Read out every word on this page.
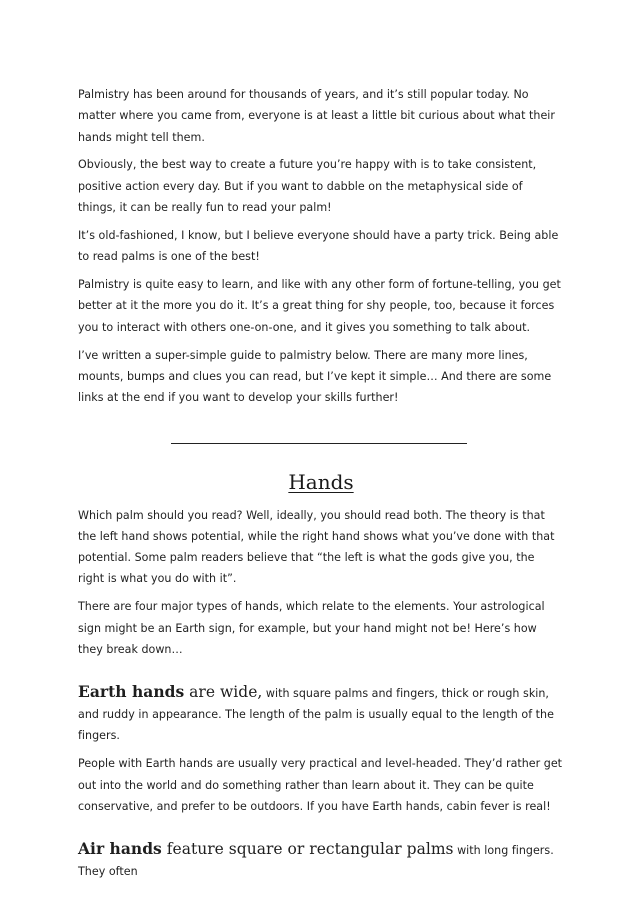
Palmistry has been around for thousands of years, and it’s still popular today. No matter where you came from, everyone is at least a little bit curious about what their hands might tell them.

Obviously, the best way to create a future you’re happy with is to take consistent, positive action every day. But if you want to dabble on the metaphysical side of things, it can be really fun to read your palm!

It’s old-fashioned, I know, but I believe everyone should have a party trick. Being able to read palms is one of the best!

Palmistry is quite easy to learn, and like with any other form of fortune-telling, you get better at it the more you do it. It’s a great thing for shy people, too, because it forces you to interact with others one-on-one, and it gives you something to talk about.

I’ve written a super-simple guide to palmistry below. There are many more lines, mounts, bumps and clues you can read, but I’ve kept it simple… And there are some links at the end if you want to develop your skills further!

Hands

Which palm should you read? Well, ideally, you should read both. The theory is that the left hand shows potential, while the right hand shows what you’ve done with that potential. Some palm readers believe that “the left is what the gods give you, the right is what you do with it”.

There are four major types of hands, which relate to the elements. Your astrological sign might be an Earth sign, for example, but your hand might not be! Here’s how they break down…

Earth hands are wide, with square palms and fingers, thick or rough skin, and ruddy in appearance. The length of the palm is usually equal to the length of the fingers.

People with Earth hands are usually very practical and level-headed. They’d rather get out into the world and do something rather than learn about it. They can be quite conservative, and prefer to be outdoors. If you have Earth hands, cabin fever is real!

Air hands feature square or rectangular palms with long fingers. They often
